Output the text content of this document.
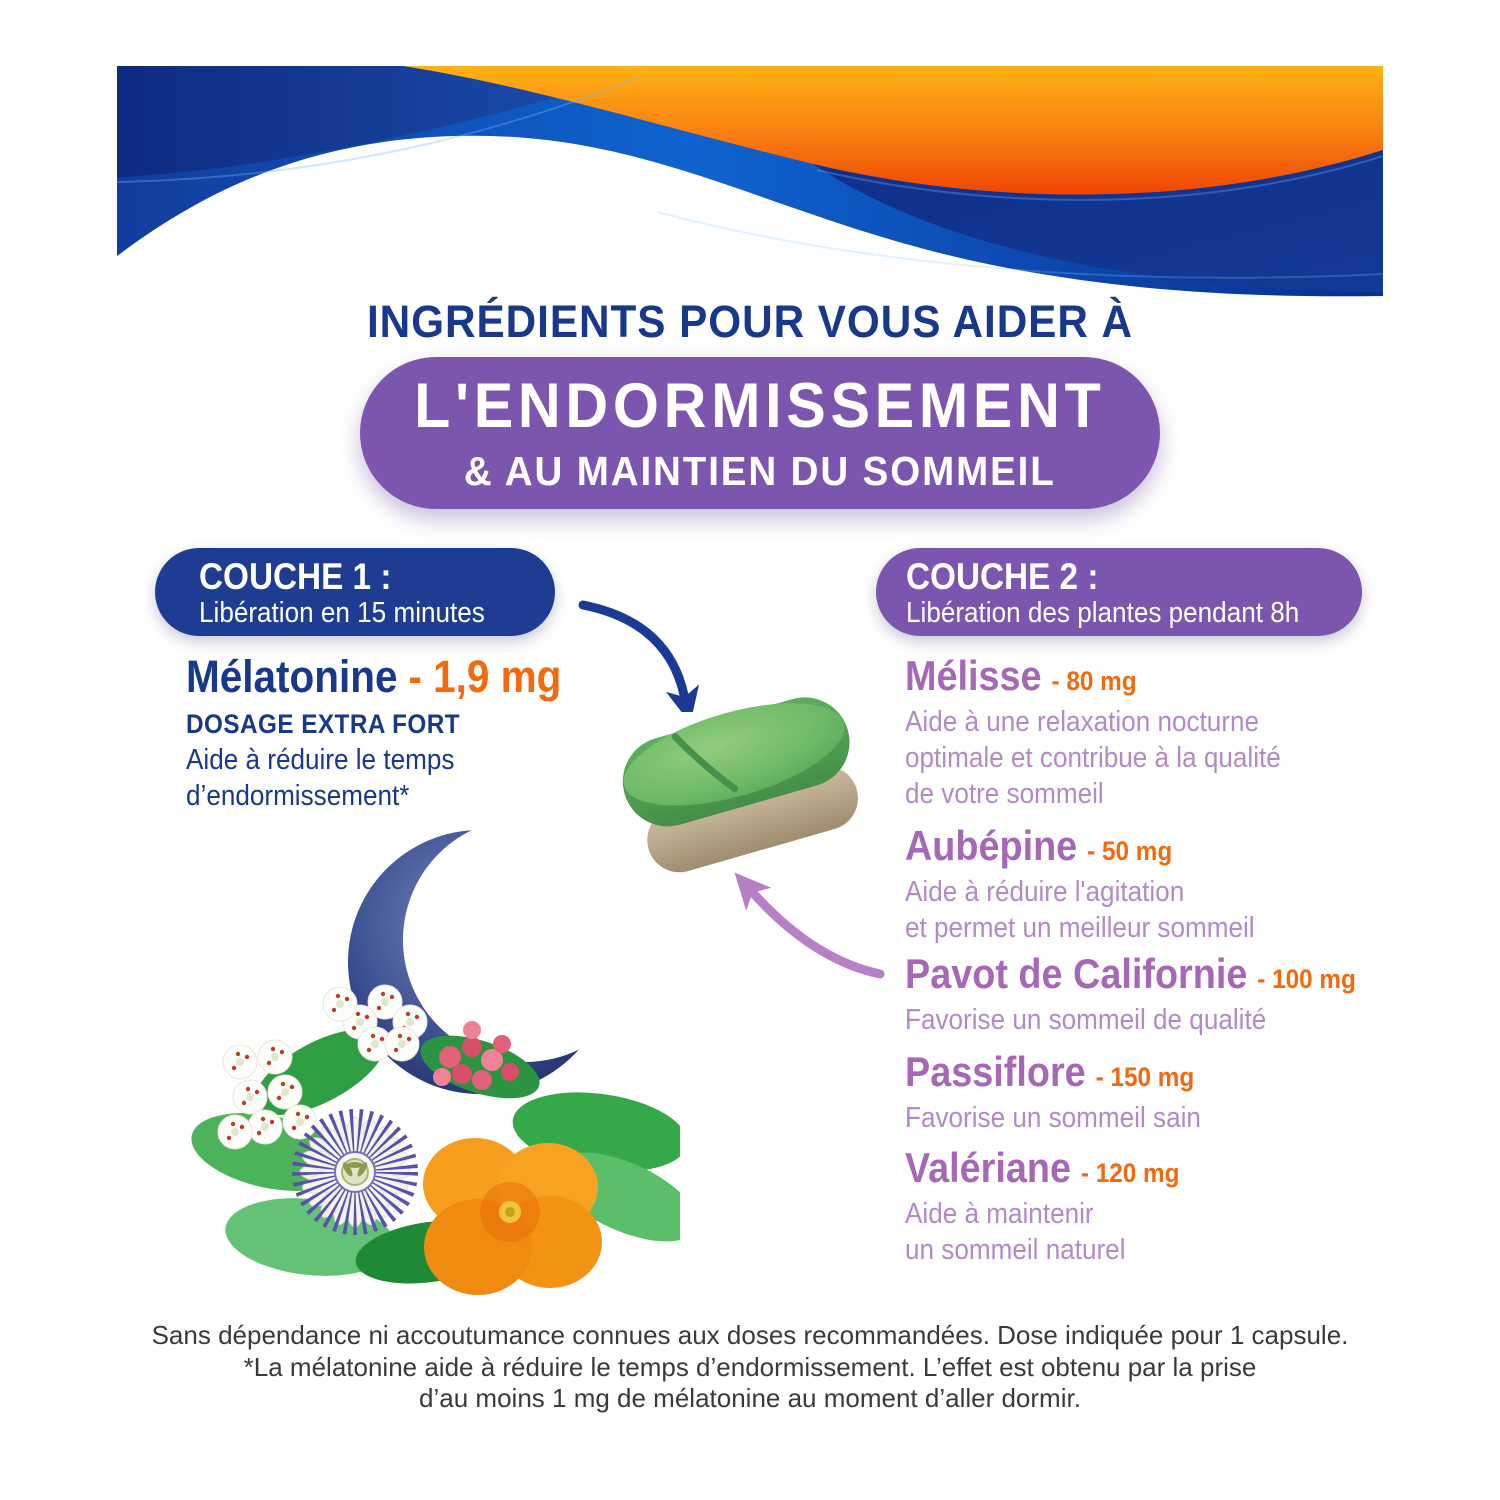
INGRÉDIENTS POUR VOUS AIDER À
L'ENDORMISSEMENT
& AU MAINTIEN DU SOMMEIL
COUCHE 1 :
Libération en 15 minutes
COUCHE 2 :
Libération des plantes pendant 8h
Mélatonine - 1,9 mg
DOSAGE EXTRA FORT
Aide à réduire le temps
d’endormissement*
Mélisse - 80 mg
Aide à une relaxation nocturne
optimale et contribue à la qualité
de votre sommeil
Aubépine - 50 mg
Aide à réduire l'agitation
et permet un meilleur sommeil
Pavot de Californie - 100 mg
Favorise un sommeil de qualité
Passiflore - 150 mg
Favorise un sommeil sain
Valériane - 120 mg
Aide à maintenir
un sommeil naturel
Sans dépendance ni accoutumance connues aux doses recommandées. Dose indiquée pour 1 capsule.
*La mélatonine aide à réduire le temps d’endormissement. L’effet est obtenu par la prise
d’au moins 1 mg de mélatonine au moment d’aller dormir.
